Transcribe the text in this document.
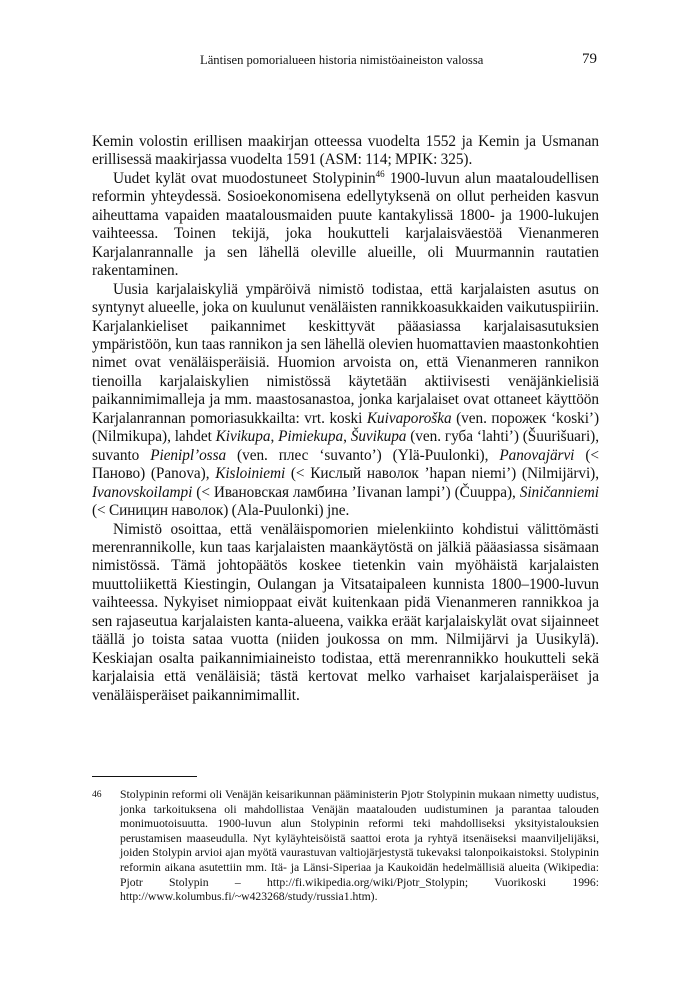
Läntisen pomorialueen historia nimistöaineiston valossa	79

Kemin volostin erillisen maakirjan otteessa vuodelta 1552 ja Kemin ja Usmanan erillisessä maakirjassa vuodelta 1591 (ASM: 114; MPIK: 325).

Uudet kylät ovat muodostuneet Stolypinin$^{46}$ 1900-luvun alun maataloudellisen reformin yhteydessä. Sosioekonomisena edellytyksenä on ollut perheiden kasvun aiheuttama vapaiden maatalousmaiden puute kantakylissä 1800- ja 1900-lukujen vaihteessa. Toinen tekijä, joka houkutteli karjalaisväestöä Vienanmeren Karjalanrannalle ja sen lähellä oleville alueille, oli Muurmannin rautatien rakentaminen.

Uusia karjalaiskyliä ympäröivä nimistö todistaa, että karjalaisten asutus on syntynyt alueelle, joka on kuulunut venäläisten rannikkoasukkaiden vaikutuspiiriin. Karjalankieliset paikannimet keskittyvät pääasiassa karjalaisasutuksien ympäristöön, kun taas rannikon ja sen lähellä olevien huomattavien maastonkohtien nimet ovat venäläisperäisiä. Huomion arvoista on, että Vienanmeren rannikon tienoilla karjalaiskylien nimistössä käytetään aktiivisesti venäjänkielisiä paikannimimalleja ja mm. maastosanastoa, jonka karjalaiset ovat ottaneet käyttöön Karjalanrannan pomoriasukkailta: vrt. koski Kuivaporoška (ven. порожек ‘koski’) (Nilmikupa), lahdet Kivikupa, Pimiekupa, Šuvikupa (ven. губа ‘lahti’) (Šuurišuari), suvanto Pienipl’ossa (ven. плес ‘suvanto’) (Ylä-Puulonki), Panovajärvi (< Паново) (Panova), Kisloiniemi (< Кислый наволок ’hapan niemi’) (Nilmijärvi), Ivanovskoilampi (< Ивановская ламбина ’Iivanan lampi’) (Čuuppa), Siničanniemi (< Синицин наволок) (Ala-Puulonki) jne.

Nimistö osoittaa, että venäläispomorien mielenkiinto kohdistui välittömästi merenrannikolle, kun taas karjalaisten maankäytöstä on jälkiä pääasiassa sisämaan nimistössä. Tämä johtopäätös koskee tietenkin vain myöhäistä karjalaisten muuttoliikettä Kiestingin, Oulangan ja Vitsataipaleen kunnista 1800–1900-luvun vaihteessa. Nykyiset nimioppaat eivät kuitenkaan pidä Vienanmeren rannikkoa ja sen rajaseutua karjalaisten kanta-alueena, vaikka eräät karjalaiskylät ovat sijainneet täällä jo toista sataa vuotta (niiden joukossa on mm. Nilmijärvi ja Uusikylä). Keskiajan osalta paikannimiaineisto todistaa, että merenrannikko houkutteli sekä karjalaisia että venäläisiä; tästä kertovat melko varhaiset karjalaisperäiset ja venäläisperäiset paikannimimallit.

46 Stolypinin reformi oli Venäjän keisarikunnan pääministerin Pjotr Stolypinin mukaan nimetty uudistus, jonka tarkoituksena oli mahdollistaa Venäjän maatalouden uudistuminen ja parantaa talouden monimuotoisuutta. 1900-luvun alun Stolypinin reformi teki mahdolliseksi yksityistalouksien perustamisen maaseudulla. Nyt kyläyhteisöistä saattoi erota ja ryhtyä itsenäiseksi maanviljelijäksi, joiden Stolypin arvioi ajan myötä vaurastuvan valtiojärjestystä tukevaksi talonpoikaistoksi. Stolypinin reformin aikana asutettiin mm. Itä- ja Länsi-Siperiaa ja Kaukoidän hedelmällisiä alueita (Wikipedia: Pjotr Stolypin – http://fi.wikipedia.org/wiki/Pjotr_Stolypin; Vuorikoski 1996: http://www.kolumbus.fi/~w423268/study/russia1.htm).
